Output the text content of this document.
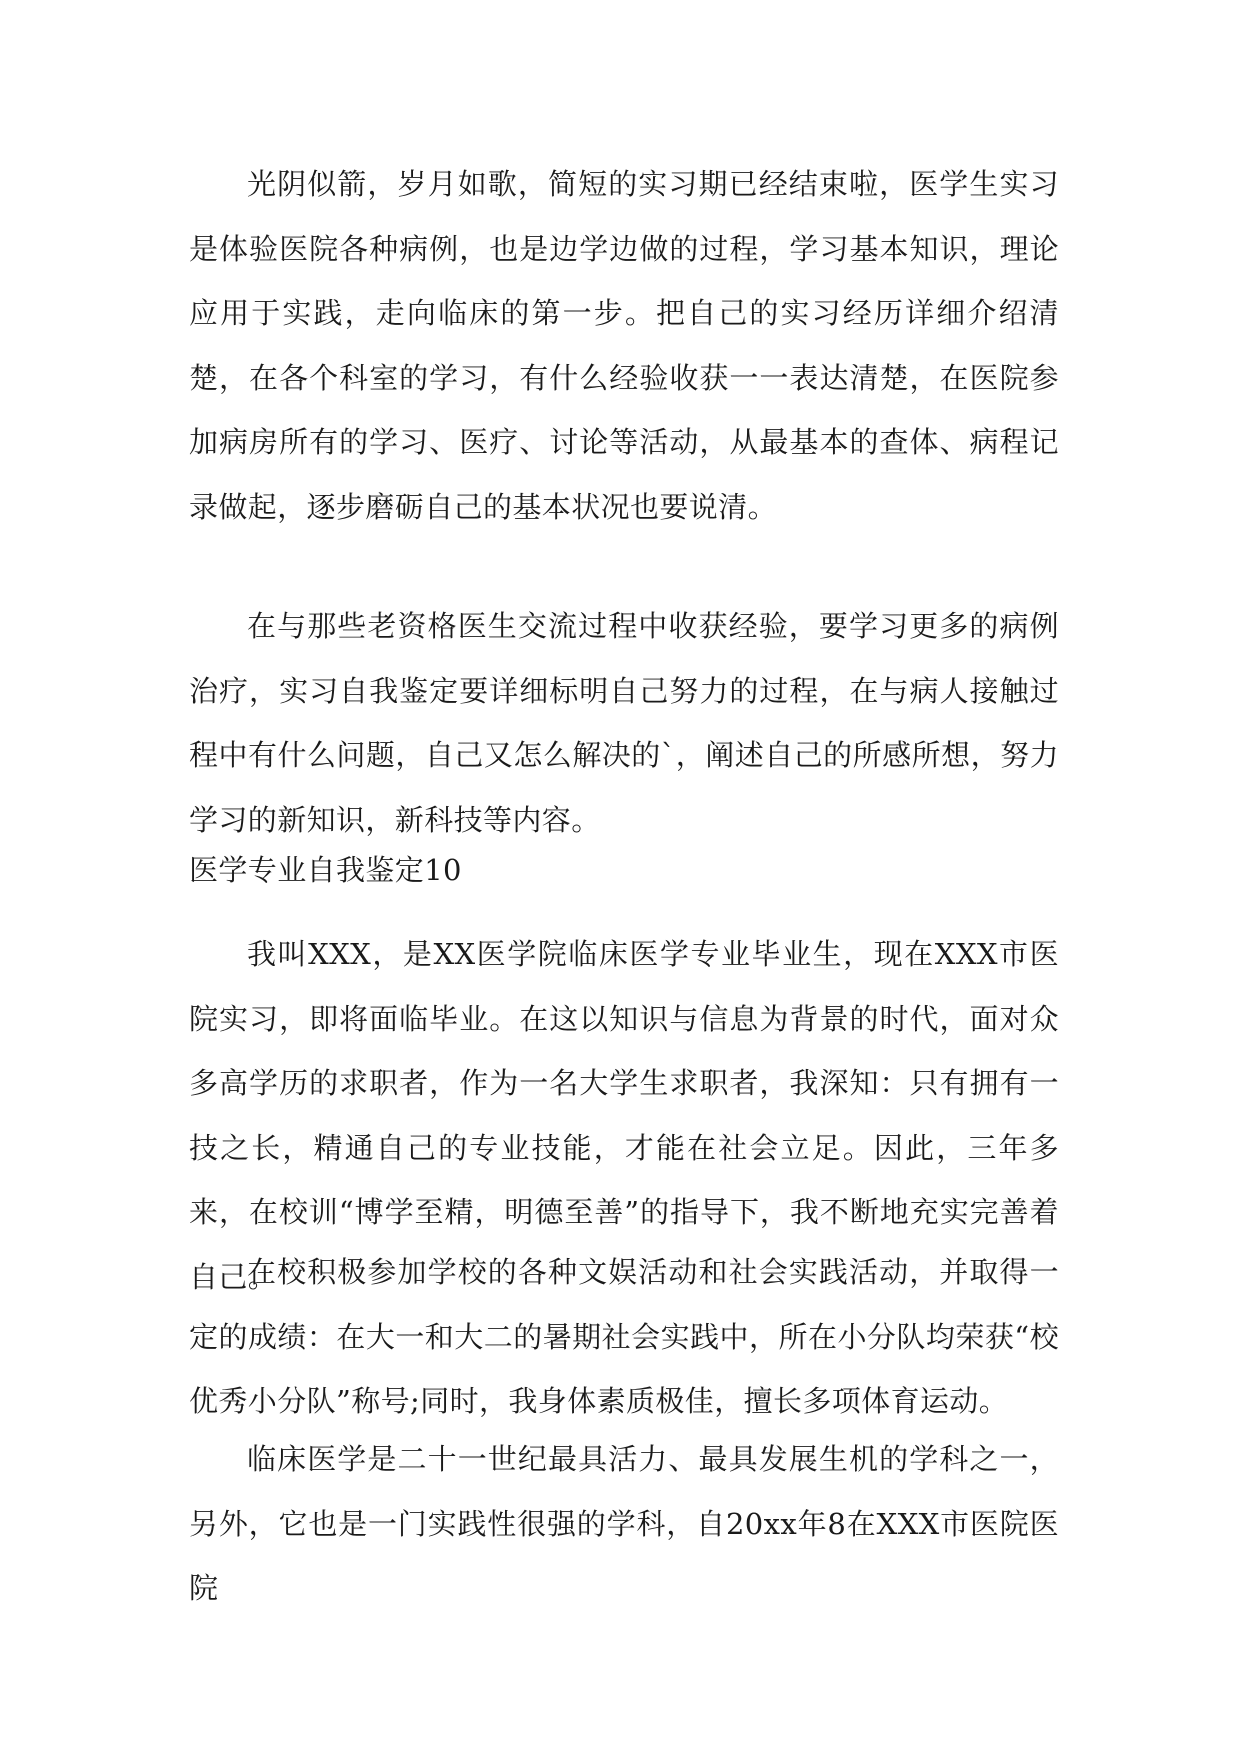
光阴似箭，岁月如歌，简短的实习期已经结束啦，医学生实习是体验医院各种病例，也是边学边做的过程，学习基本知识，理论应用于实践，走向临床的第一步。把自己的实习经历详细介绍清楚，在各个科室的学习，有什么经验收获一一表达清楚，在医院参加病房所有的学习、医疗、讨论等活动，从最基本的查体、病程记录做起，逐步磨砺自己的基本状况也要说清。

在与那些老资格医生交流过程中收获经验，要学习更多的病例治疗，实习自我鉴定要详细标明自己努力的过程，在与病人接触过程中有什么问题，自己又怎么解决的`，阐述自己的所感所想，努力学习的新知识，新科技等内容。

医学专业自我鉴定10

我叫XXX，是XX医学院临床医学专业毕业生，现在XXX市医院实习，即将面临毕业。在这以知识与信息为背景的时代，面对众多高学历的求职者，作为一名大学生求职者，我深知：只有拥有一技之长，精通自己的专业技能，才能在社会立足。因此，三年多来，在校训“博学至精，明德至善”的指导下，我不断地充实完善着自己。

在校积极参加学校的各种文娱活动和社会实践活动，并取得一定的成绩：在大一和大二的暑期社会实践中，所在小分队均荣获“校优秀小分队”称号;同时，我身体素质极佳，擅长多项体育运动。

临床医学是二十一世纪最具活力、最具发展生机的学科之一，另外，它也是一门实践性很强的学科，自20xx年8在XXX市医院医院
